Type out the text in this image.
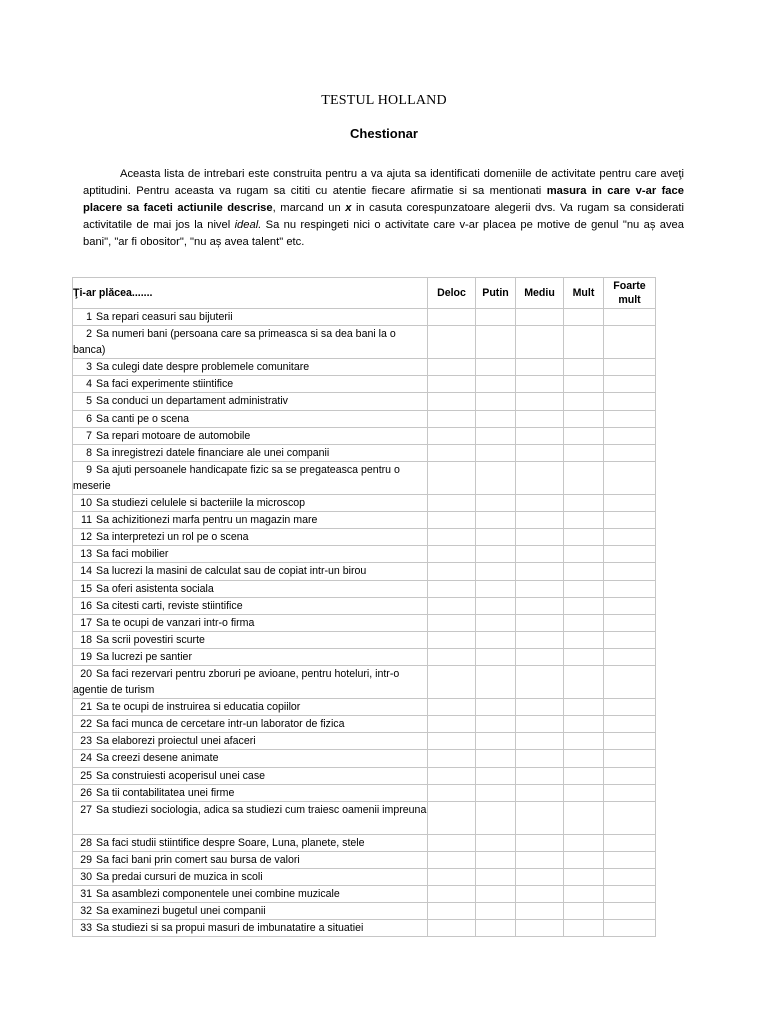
TESTUL HOLLAND
Chestionar
Aceasta lista de intrebari este construita pentru a va ajuta sa identificati domeniile de activitate pentru care aveţi aptitudini. Pentru aceasta va rugam sa cititi cu atentie fiecare afirmatie si sa mentionati masura in care v-ar face placere sa faceti actiunile descrise, marcand un x in casuta corespunzatoare alegerii dvs. Va rugam sa considerati activitatile de mai jos la nivel ideal. Sa nu respingeti nici o activitate care v-ar placea pe motive de genul "nu aș avea bani", "ar fi obositor", "nu aș avea talent" etc.
Ţi-ar plăcea.......	Deloc	Putin	Mediu	Mult	Foarte mult
1 Sa repari ceasuri sau bijuterii					
2 Sa numeri bani (persoana care sa primeasca si sa dea bani la o banca)					
3 Sa culegi date despre problemele comunitare					
4 Sa faci experimente stiintifice					
5 Sa conduci un departament administrativ					
6 Sa canti pe o scena					
7 Sa repari motoare de automobile					
8 Sa inregistrezi datele financiare ale unei companii					
9 Sa ajuti persoanele handicapate fizic sa se pregateasca pentru o meserie					
10 Sa studiezi celulele si bacteriile la microscop					
11 Sa achizitionezi marfa pentru un magazin mare					
12 Sa interpretezi un rol pe o scena					
13 Sa faci mobilier					
14 Sa lucrezi la masini de calculat sau de copiat intr-un birou					
15 Sa oferi asistenta sociala					
16 Sa citesti carti, reviste stiintifice					
17 Sa te ocupi de vanzari intr-o firma					
18 Sa scrii povestiri scurte					
19 Sa lucrezi pe santier					
20 Sa faci rezervari pentru zboruri pe avioane, pentru hoteluri, intr-o agentie de turism					
21 Sa te ocupi de instruirea si educatia copiilor					
22 Sa faci munca de cercetare intr-un laborator de fizica					
23 Sa elaborezi proiectul unei afaceri					
24 Sa creezi desene animate					
25 Sa construiesti acoperisul unei case					
26 Sa tii contabilitatea unei firme					
27 Sa studiezi sociologia, adica sa studiezi cum traiesc oamenii impreuna					
28 Sa faci studii stiintifice despre Soare, Luna, planete, stele					
29 Sa faci bani prin comert sau bursa de valori					
30 Sa predai cursuri de muzica in scoli					
31 Sa asamblezi componentele unei combine muzicale					
32 Sa examinezi bugetul unei companii					
33 Sa studiezi si sa propui masuri de imbunatatire a situatiei					
